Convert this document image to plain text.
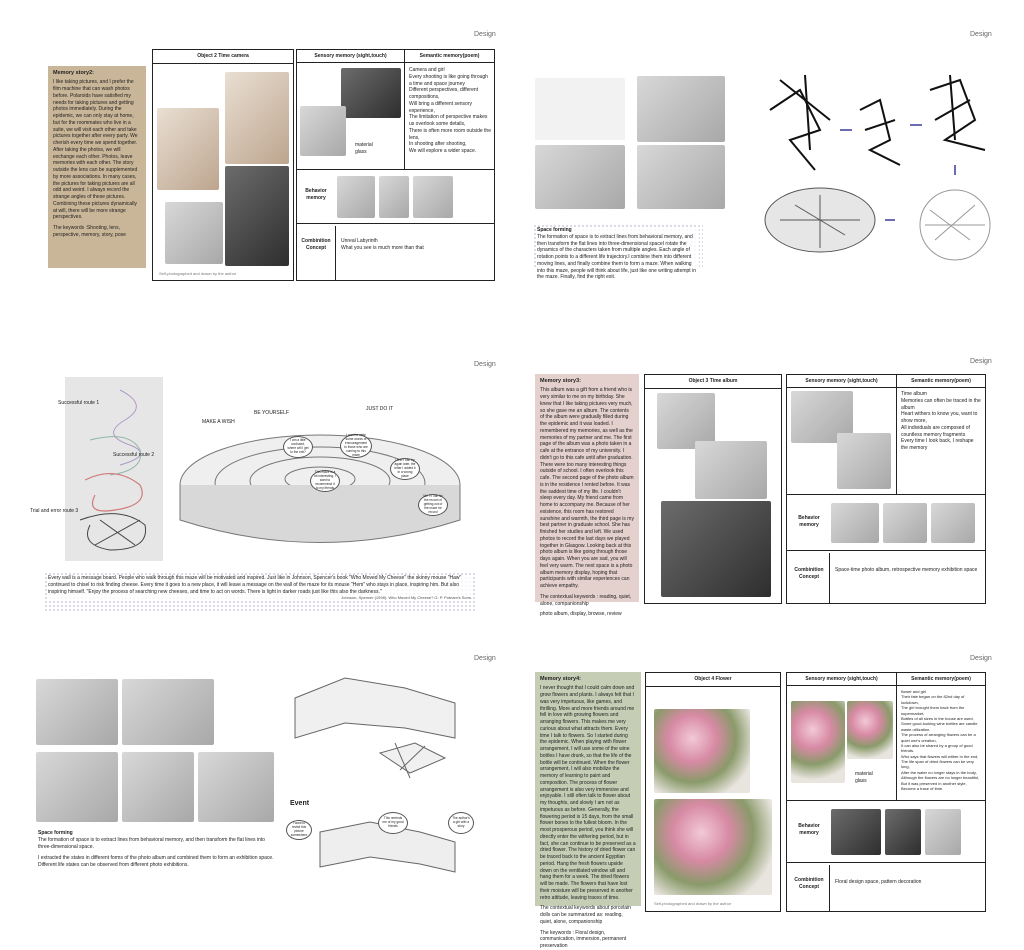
Design
Memory story2:
I like taking pictures, and I prefer the film machine that can wash photos before. Polaroids have satisfied my needs for taking pictures and getting photos immediately. During the epidemic, we can only stay at home, but for the roommates who live in a suite, we will visit each other and take pictures together after every party. We cherish every time we spend together. After taking the photos, we will exchange each other. Photos, leave memories with each other. The story outside the lens can be supplemented by more associations. In many cases, the pictures for taking pictures are all odd and weird. I always record the strange angles of these pictures. Combining these pictures dynamically at will, there will be more strange perspectives.
The keywords :Shooting, lens, perspective, memory, story, pose
Object 2 Time camera
Self-photographed and drawn by the author
Sensory memory (sight,touch)
material
glass
Semantic memory(poem)
Camera and girl
Every shooting is like going through a time and space journey
Different perspectives, different compositions,
Will bring a different sensory experience,
The limitation of perspective makes us overlook some details,
There is often more room outside the lens,
In shooting after shooting,
We will explore a wider space.
Behavior
memory
Combinition
Concept
Unreal Labyrinth
What you see is much more than that
Design
Space forming
The formation of space is to extract lines from behavioral memory, and then transform the flat lines into three-dimensional spaceI rotate the dynamics of the characters taken from multiple angles. Each angle of rotation points to a different life trajectory.I combine them into different moving lines, and finally combine them to form a maze. When walking into this maze, people will think about life, just like one writing attempt in the maze. Finally, find the right exit.
Design
Successful route 1
Successful route 2
Trial and error route 3
MAKE A WISH
BE YOURSELF
JUST DO IT
I am a little confused, where will I get to the exit?
I want to write some words of encouragement to those who are coming to this maze
This maze is a bit interesting, I want to recommend it to my friends
I feel I can try again later, the letter I added it in a wrong place
Me !! I can let the record of getting out of the maze be record
Every wall is a message board. People who walk through this maze will be motivated and inspired. Just like in Johnson, Spencer's book "Who Moved My Cheese" the skinny mouse "Haw" continued to chisel to risk finding cheese. Every time it goes to a new place, it will leave a message on the wall of the maze for its mouse "Hem" who stays in place, inspiring him. But also inspiring himself. "Enjoy the process of searching new cheeses, and time to act on words. There is light in darker roads just like this also the darkness."
Johnson, Spencer (1998). Who Moved My Cheese? G. P. Putnam's Sons.
Design
Memory story3:
This album was a gift from a friend who is very similar to me on my birthday. She knew that I like taking pictures very much, so she gave me an album. The contents of the album were gradually filled during the epidemic and it was loaded. I remembered my memories, as well as the memories of my partner and me. The first page of the album was a photo taken in a cafe at the entrance of my university. I didn't go to this cafe until after graduation. There were too many interesting things outside of school. I often overlook this cafe. The second page of the photo album is in the residence I rented before. It was the saddest time of my life. I couldn't sleep every day. My friend came from home to accompany me. Because of her existence, this room has restored sunshine and warmth, the third page is my best partner in graduate school. She has finished her studies and left. We used photos to record the last days we played together in Glasgow. Looking back at this photo album is like going through those days again. When you are sad, you will feel very warm. The next space is a photo album memory display, hoping that participants with similar experiences can achieve empathy.
The contextual keywords : reading, quiet, alone, companionship
photo album, display, browse, review
Object 3 Time album	Sensory memory (sight,touch)	Semantic memory(poem)
Time album
Memories can often be traced in the album
Heart withers to know you, want to show more,
All individuals are composed of countless memory fragments
Every time I look back, I reshape the memory
Behavior
memory
Combinition
Concept
Space-time photo album, retrospective memory exhibition space
Design
Event
I want to revisit this picture somewhere
This reminds me of my good friends
The author's a girl with a story
Space forming
The formation of space is to extract lines from behavioral memory, and then transform the flat lines into three-dimensional space.
I extracted the states in different forms of the photo album and combined them to form an exhibition space. Different life states can be observed from different photo exhibitions.
Design
Memory story4:
I never thought that I could calm down and grow flowers and plants. I always felt that I was very impetuous, like games, and thrilling. More and more friends around me fell in love with growing flowers and arranging flowers. This makes me very curious about what attracts them. Every time I talk to flowers. So I started during the epidemic. When playing with flower arrangement, I will use some of the wine bottles I have drunk, so that the life of the bottle will be continued. When the flower arrangement, I will also mobilize the memory of learning to paint and composition. The process of flower arrangement is also very immersive and enjoyable. I still often talk to flower about my thoughts, and slowly I am not as impetuous as before. Generally, the flowering period is 15 days, from the small flower bones to the fullest bloom. In the most prosperous period, you think she will directly enter the withering period, but in fact, she can continue to be preserved as a dried flower. The history of dried flower can be traced back to the ancient Egyptian period. Hang the fresh flowers upside down on the ventilated window sill and hang them for a week. The dried flowers will be made. The flowers that have lost their moisture will be preserved in another retro attitude, leaving traces of time.
The contextual keywords about porcelain dolls can be summarized as: reading, quiet, alone, companionship
The keywords : Floral design, communication, immersion, permanent preservation
Object 4 Flower
Self-photographed and drawn by the author
Sensory memory (sight,touch)
material
glass
Semantic memory(poem)
flower and girl
Their fate began on the 82nd day of lockdown,
The girl brought them back from the supermarket,
Bottles of all sizes in the house are used,
Some good-looking wine bottles are candle waste utilization.
The process of arranging flowers can be a quiet one's creation,
It can also be shared by a group of good friends.
Who says that flowers will wither in the end,
The life span of dried flowers can be very long,
After the water no longer stays in the body,
Although the flowers are no longer beautiful,
But it was preserved in another style,
Become a trace of time.
Behavior
memory
Combinition
Concept
Floral design space, pattern decoration
